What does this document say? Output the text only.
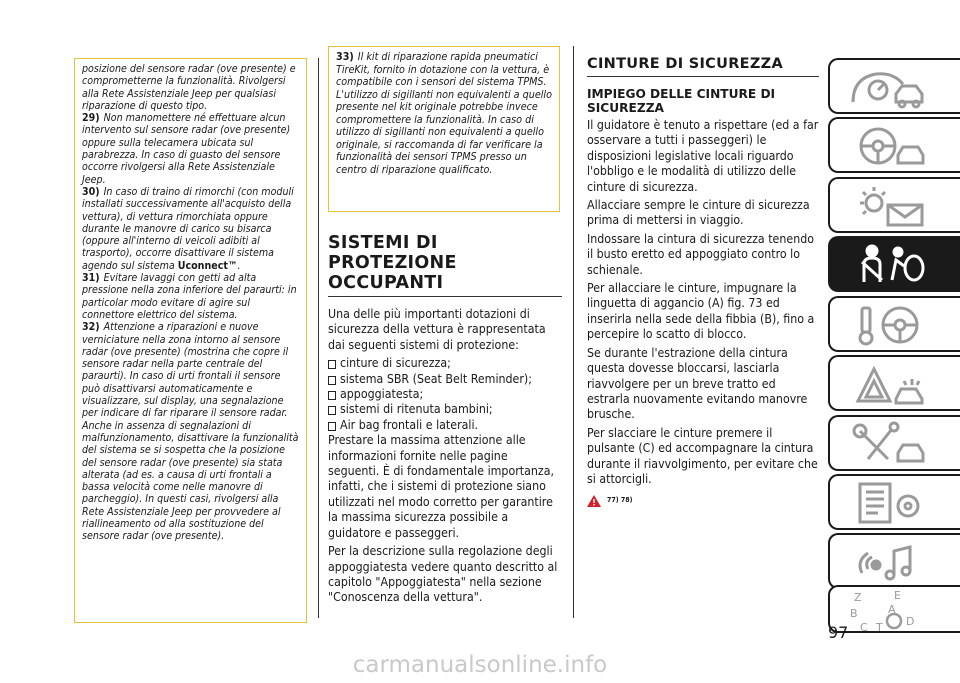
posizione del sensore radar (ove presente) e comprometterne la funzionalità. Rivolgersi alla Rete Assistenziale Jeep per qualsiasi riparazione di questo tipo.

29) Non manomettere né effettuare alcun intervento sul sensore radar (ove presente) oppure sulla telecamera ubicata sul parabrezza. In caso di guasto del sensore occorre rivolgersi alla Rete Assistenziale Jeep.

30) In caso di traino di rimorchi (con moduli installati successivamente all'acquisto della vettura), di vettura rimorchiata oppure durante le manovre di carico su bisarca (oppure all'interno di veicoli adibiti al trasporto), occorre disattivare il sistema agendo sul sistema Uconnect™.

31) Evitare lavaggi con getti ad alta pressione nella zona inferiore del paraurti: in particolar modo evitare di agire sul connettore elettrico del sistema.

32) Attenzione a riparazioni e nuove verniciature nella zona intorno al sensore radar (ove presente) (mostrina che copre il sensore radar nella parte centrale del paraurti). In caso di urti frontali il sensore può disattivarsi automaticamente e visualizzare, sul display, una segnalazione per indicare di far riparare il sensore radar. Anche in assenza di segnalazioni di malfunzionamento, disattivare la funzionalità del sistema se si sospetta che la posizione del sensore radar (ove presente) sia stata alterata (ad es. a causa di urti frontali a bassa velocità come nelle manovre di parcheggio). In questi casi, rivolgersi alla Rete Assistenziale Jeep per provvedere al riallineamento od alla sostituzione del sensore radar (ove presente).

33) Il kit di riparazione rapida pneumatici TireKit, fornito in dotazione con la vettura, è compatibile con i sensori del sistema TPMS. L'utilizzo di sigillanti non equivalenti a quello presente nel kit originale potrebbe invece compromettere la funzionalità. In caso di utilizzo di sigillanti non equivalenti a quello originale, si raccomanda di far verificare la funzionalità dei sensori TPMS presso un centro di riparazione qualificato.

SISTEMI DI PROTEZIONE OCCUPANTI

Una delle più importanti dotazioni di sicurezza della vettura è rappresentata dai seguenti sistemi di protezione:

cinture di sicurezza;
sistema SBR (Seat Belt Reminder);
appoggiatesta;
sistemi di ritenuta bambini;
Air bag frontali e laterali.

Prestare la massima attenzione alle informazioni fornite nelle pagine seguenti. È di fondamentale importanza, infatti, che i sistemi di protezione siano utilizzati nel modo corretto per garantire la massima sicurezza possibile a guidatore e passeggeri.

Per la descrizione sulla regolazione degli appoggiatesta vedere quanto descritto al capitolo "Appoggiatesta" nella sezione "Conoscenza della vettura".

CINTURE DI SICUREZZA
IMPIEGO DELLE CINTURE DI SICUREZZA

Il guidatore è tenuto a rispettare (ed a far osservare a tutti i passeggeri) le disposizioni legislative locali riguardo l'obbligo e le modalità di utilizzo delle cinture di sicurezza.

Allacciare sempre le cinture di sicurezza prima di mettersi in viaggio.

Indossare la cintura di sicurezza tenendo il busto eretto ed appoggiato contro lo schienale.

Per allacciare le cinture, impugnare la linguetta di aggancio (A) fig. 73 ed inserirla nella sede della fibbia (B), fino a percepire lo scatto di blocco.

Se durante l'estrazione della cintura questa dovesse bloccarsi, lasciarla riavvolgere per un breve tratto ed estrarla nuovamente evitando manovre brusche.

Per slacciare le cinture premere il pulsante (C) ed accompagnare la cintura durante il riavvolgimento, per evitare che si attorcigli.

77) 78)
Z	E
B	A
C T D
97
carmanualsonline.info
